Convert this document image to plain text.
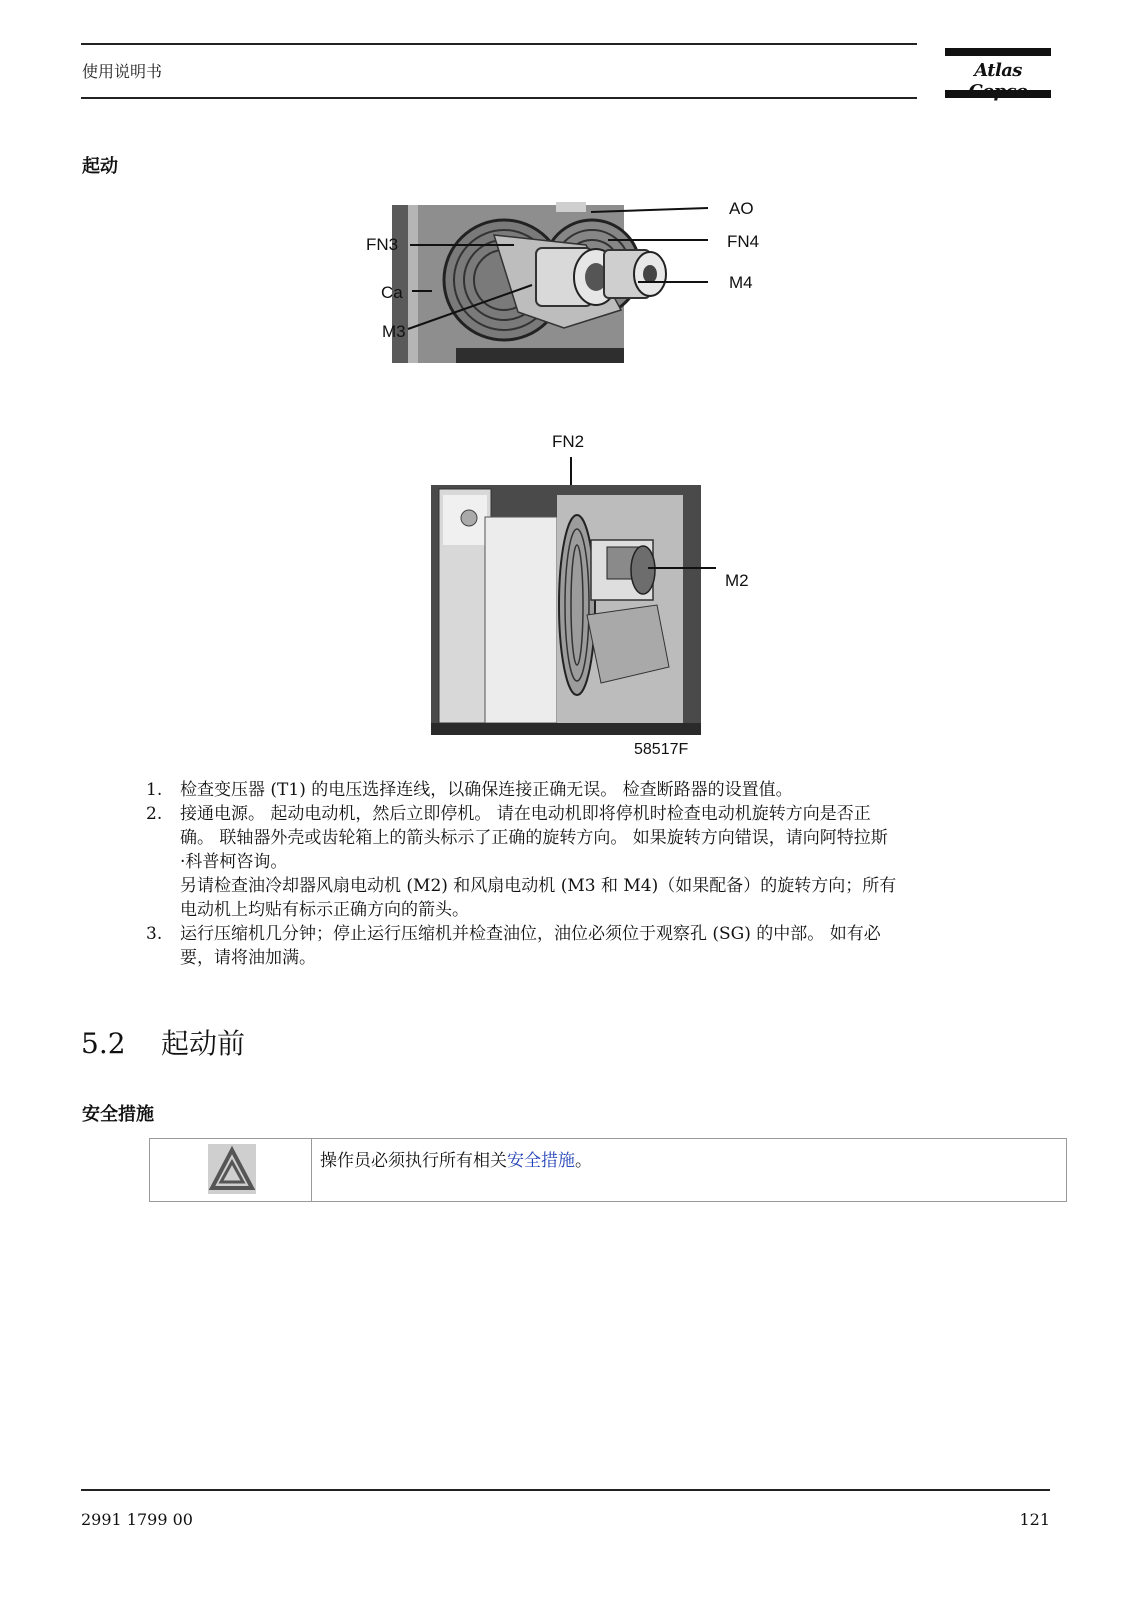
使用说明书	Atlas
起动
AO
FN3	FN4
M4
Ca
M3
FN2
M2
58517F
1. 检查变压器 (T1) 的电压选择连线，以确保连接正确无误。 检查断路器的设置值。

2. 接通电源。 起动电动机，然后立即停机。 请在电动机即将停机时检查电动机旋转方向是否正

确。 联轴器外壳或齿轮箱上的箭头标示了正确的旋转方向。 如果旋转方向错误，请向阿特拉斯

·科普柯咨询。

另请检查油冷却器风扇电动机 (M2) 和风扇电动机 (M3 和 M4)（如果配备）的旋转方向；所有

电动机上均贴有标示正确方向的箭头。

3. 运行压缩机几分钟；停止运行压缩机并检查油位，油位必须位于观察孔 (SG) 的中部。 如有必

要，请将油加满。

5.2 起动前
安全措施
操作员必须执行所有相关安全措施。
2991 1799 00	121
